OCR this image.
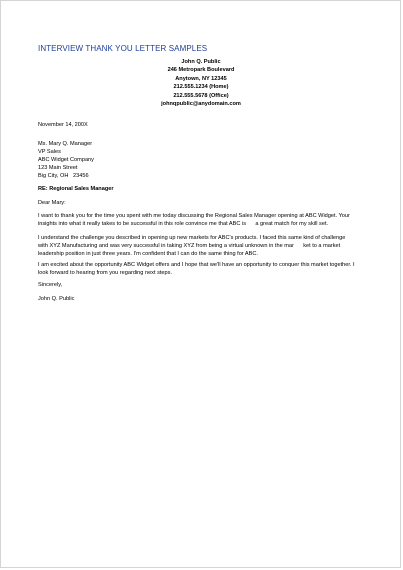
INTERVIEW THANK YOU LETTER SAMPLES
John Q. Public
246 Metropark Boulevard
Anytown, NY 12345
212.555.1234 (Home)
212.555.5678 (Office)
johnqpublic@anydomain.com
November 14, 200X
Ms. Mary Q. Manager
VP Sales
ABC Widget Company
123 Main Street
Big City, OH   23456
RE: Regional Sales Manager
Dear Mary:
I want to thank you for the time you spent with me today discussing the Regional Sales Manager opening at ABC Widget. Your
insights into what it really takes to be successful in this role convince me that ABC is      a great match for my skill set.
I understand the challenge you described in opening up new markets for ABC's products. I faced this same kind of challenge
with XYZ Manufacturing and was very successful in taking XYZ from being a virtual unknown in the mar      ket to a market
leadership position in just three years. I'm confident that I can do the same thing for ABC.
I am excited about the opportunity ABC Widget offers and I hope that we'll have an opportunity to conquer this market together. I
look forward to hearing from you regarding next steps.
Sincerely,
John Q. Public
